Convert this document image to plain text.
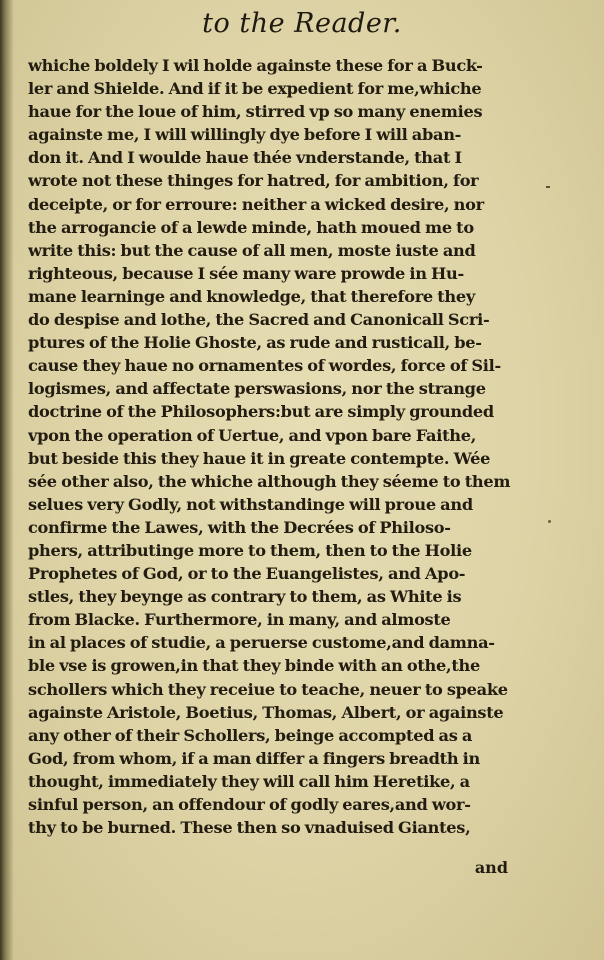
to the Reader.
whiche boldely I wil holde againste these for a Buck-
ler and Shielde. And if it be expedient for me,whiche
haue for the loue of him, stirred vp so many enemies
againste me, I will willingly dye before I will aban-
don it. And I woulde haue thée vnderstande, that I
wrote not these thinges for hatred, for ambition, for
deceipte, or for erroure: neither a wicked desire, nor
the arrogancie of a lewde minde, hath moued me to
write this: but the cause of all men, moste iuste and
righteous, because I sée many ware prowde in Hu-
mane learninge and knowledge, that therefore they
do despise and lothe, the Sacred and Canonicall Scri-
ptures of the Holie Ghoste, as rude and rusticall, be-
cause they haue no ornamentes of wordes, force of Sil-
logismes, and affectate perswasions, nor the strange
doctrine of the Philosophers:but are simply grounded
vpon the operation of Uertue, and vpon bare Faithe,
but beside this they haue it in greate contempte. Wée
sée other also, the whiche although they séeme to them
selues very Godly, not withstandinge will proue and
confirme the Lawes, with the Decrées of Philoso-
phers, attributinge more to them, then to the Holie
Prophetes of God, or to the Euangelistes, and Apo-
stles, they beynge as contrary to them, as White is
from Blacke. Furthermore, in many, and almoste
in al places of studie, a peruerse custome,and damna-
ble vse is growen,in that they binde with an othe,the
schollers which they receiue to teache, neuer to speake
againste Aristole, Boetius, Thomas, Albert, or againste
any other of their Schollers, beinge accompted as a
God, from whom, if a man differ a fingers breadth in
thought, immediately they will call him Heretike, a
sinful person, an offendour of godly eares,and wor-
thy to be burned. These then so vnaduised Giantes,
and
